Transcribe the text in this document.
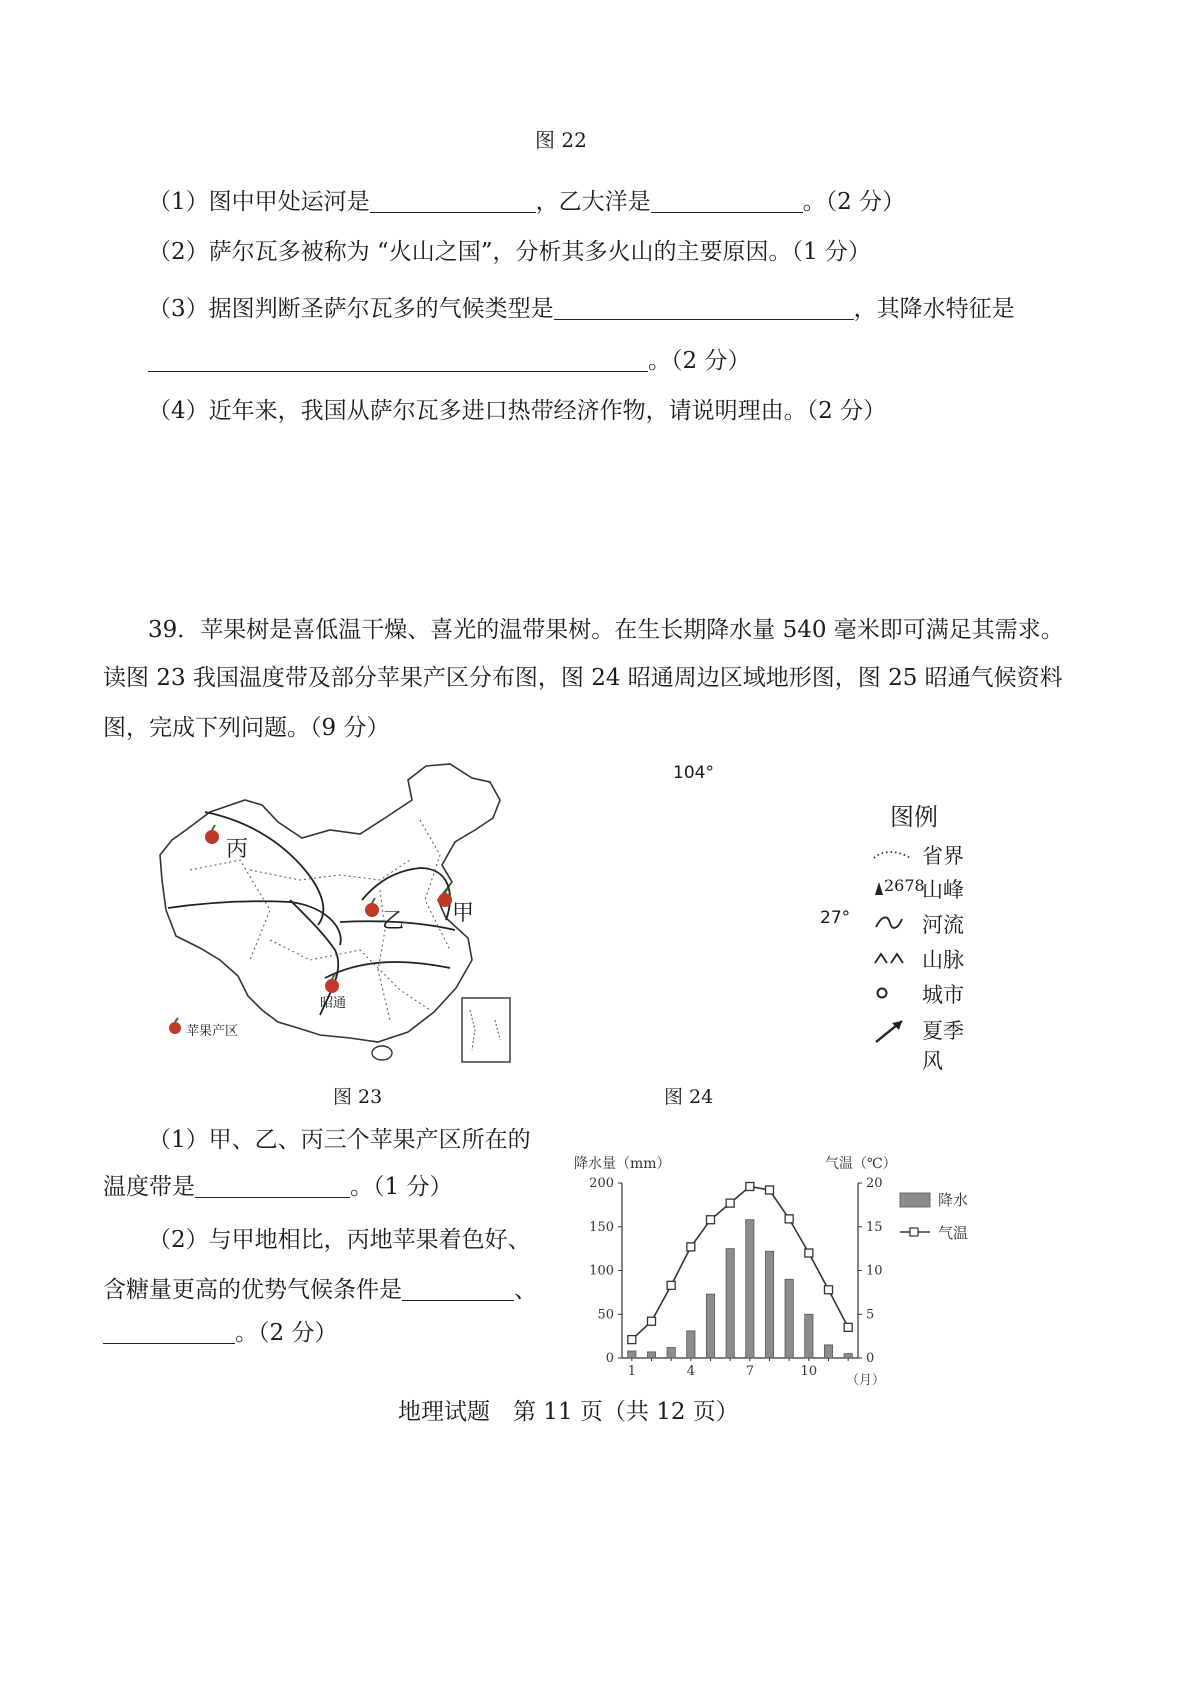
图 22
（1）图中甲处运河是	，乙大洋是	。（2 分）
（2）萨尔瓦多被称为 “火山之国”，分析其多火山的主要原因。（1 分）
（3）据图判断圣萨尔瓦多的气候类型是	，其降水特征是
。（2 分）
（4）近年来，我国从萨尔瓦多进口热带经济作物，请说明理由。（2 分）
39．苹果树是喜低温干燥、喜光的温带果树。在生长期降水量 540 毫米即可满足其需求。
读图 23 我国温度带及部分苹果产区分布图，图 24 昭通周边区域地形图，图 25 昭通气候资料
图，完成下列问题。（9 分）
丙
乙 甲
昭通
苹果产区
图 23
104°
27°
图例
省界
2678
山峰
河流
山脉
城市
夏季风
图 24
（1）甲、乙、丙三个苹果产区所在的
温度带是	。（1 分）
（2）与甲地相比，丙地苹果着色好、
含糖量更高的优势气候条件是	、
。（2 分）
降水量（mm）	气温（℃）
0
50
100
150
200
0
5
10
15
20
1	4	7	10
（月）
降水
气温
地理试题　第 11 页（共 12 页）
